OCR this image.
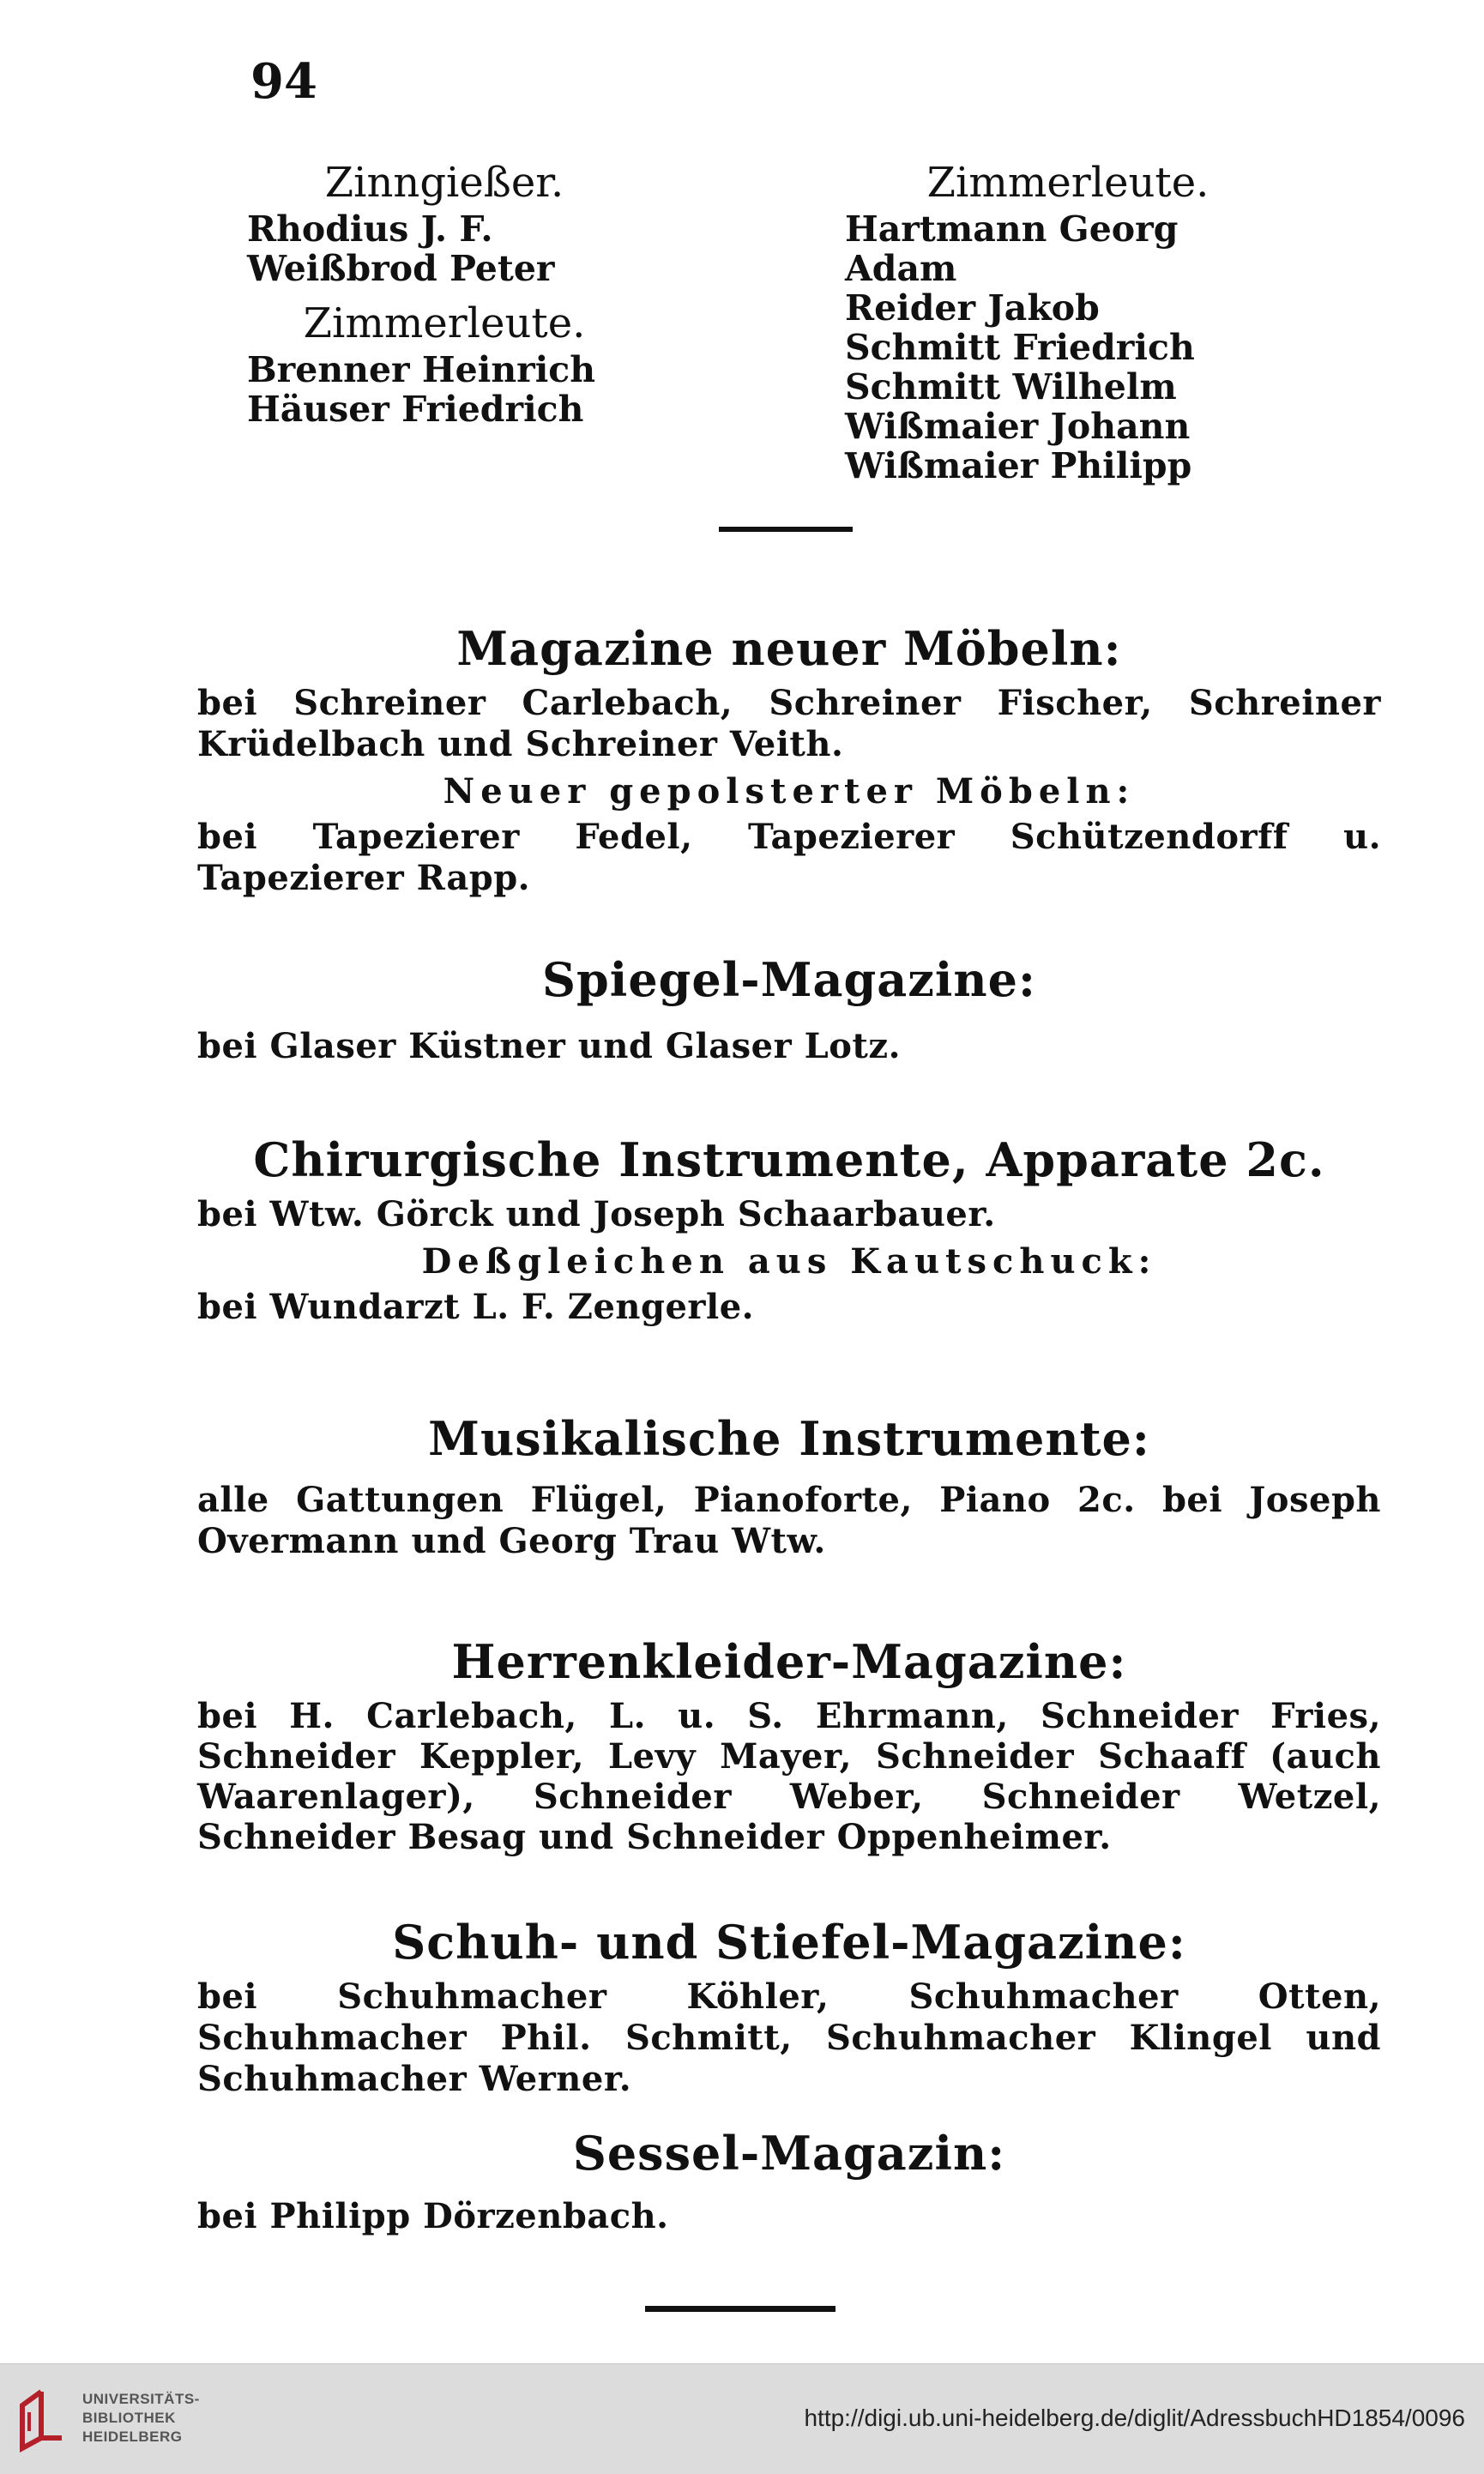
94
Zinngießer.
Rhodius J. F.
Weißbrod Peter
Zimmerleute.
Brenner Heinrich
Häuser Friedrich
Zimmerleute.
Hartmann Georg Adam
Reider Jakob
Schmitt Friedrich
Schmitt Wilhelm
Wißmaier Johann
Wißmaier Philipp
Magazine neuer Möbeln:

bei Schreiner Carlebach, Schreiner Fischer, Schreiner Krüdelbach und Schreiner Veith.

Neuer gepolsterter Möbeln:

bei Tapezierer Fedel, Tapezierer Schützendorff u. Tapezierer Rapp.

Spiegel-Magazine:

bei Glaser Küstner und Glaser Lotz.

Chirurgische Instrumente, Apparate 2c.

bei Wtw. Görck und Joseph Schaarbauer.

Deßgleichen aus Kautschuck:

bei Wundarzt L. F. Zengerle.

Musikalische Instrumente:

alle Gattungen Flügel, Pianoforte, Piano 2c. bei Joseph Overmann und Georg Trau Wtw.

Herrenkleider-Magazine:

bei H. Carlebach, L. u. S. Ehrmann, Schneider Fries, Schneider Keppler, Levy Mayer, Schneider Schaaff (auch Waarenlager), Schneider Weber, Schneider Wetzel, Schneider Besag und Schneider Oppenheimer.

Schuh- und Stiefel-Magazine:

bei Schuhmacher Köhler, Schuhmacher Otten, Schuhmacher Phil. Schmitt, Schuhmacher Klingel und Schuhmacher Werner.

Sessel-Magazin:

bei Philipp Dörzenbach.

UNIVERSITÄTS-
BIBLIOTHEK
HEIDELBERG
http://digi.ub.uni-heidelberg.de/diglit/AdressbuchHD1854/0096
